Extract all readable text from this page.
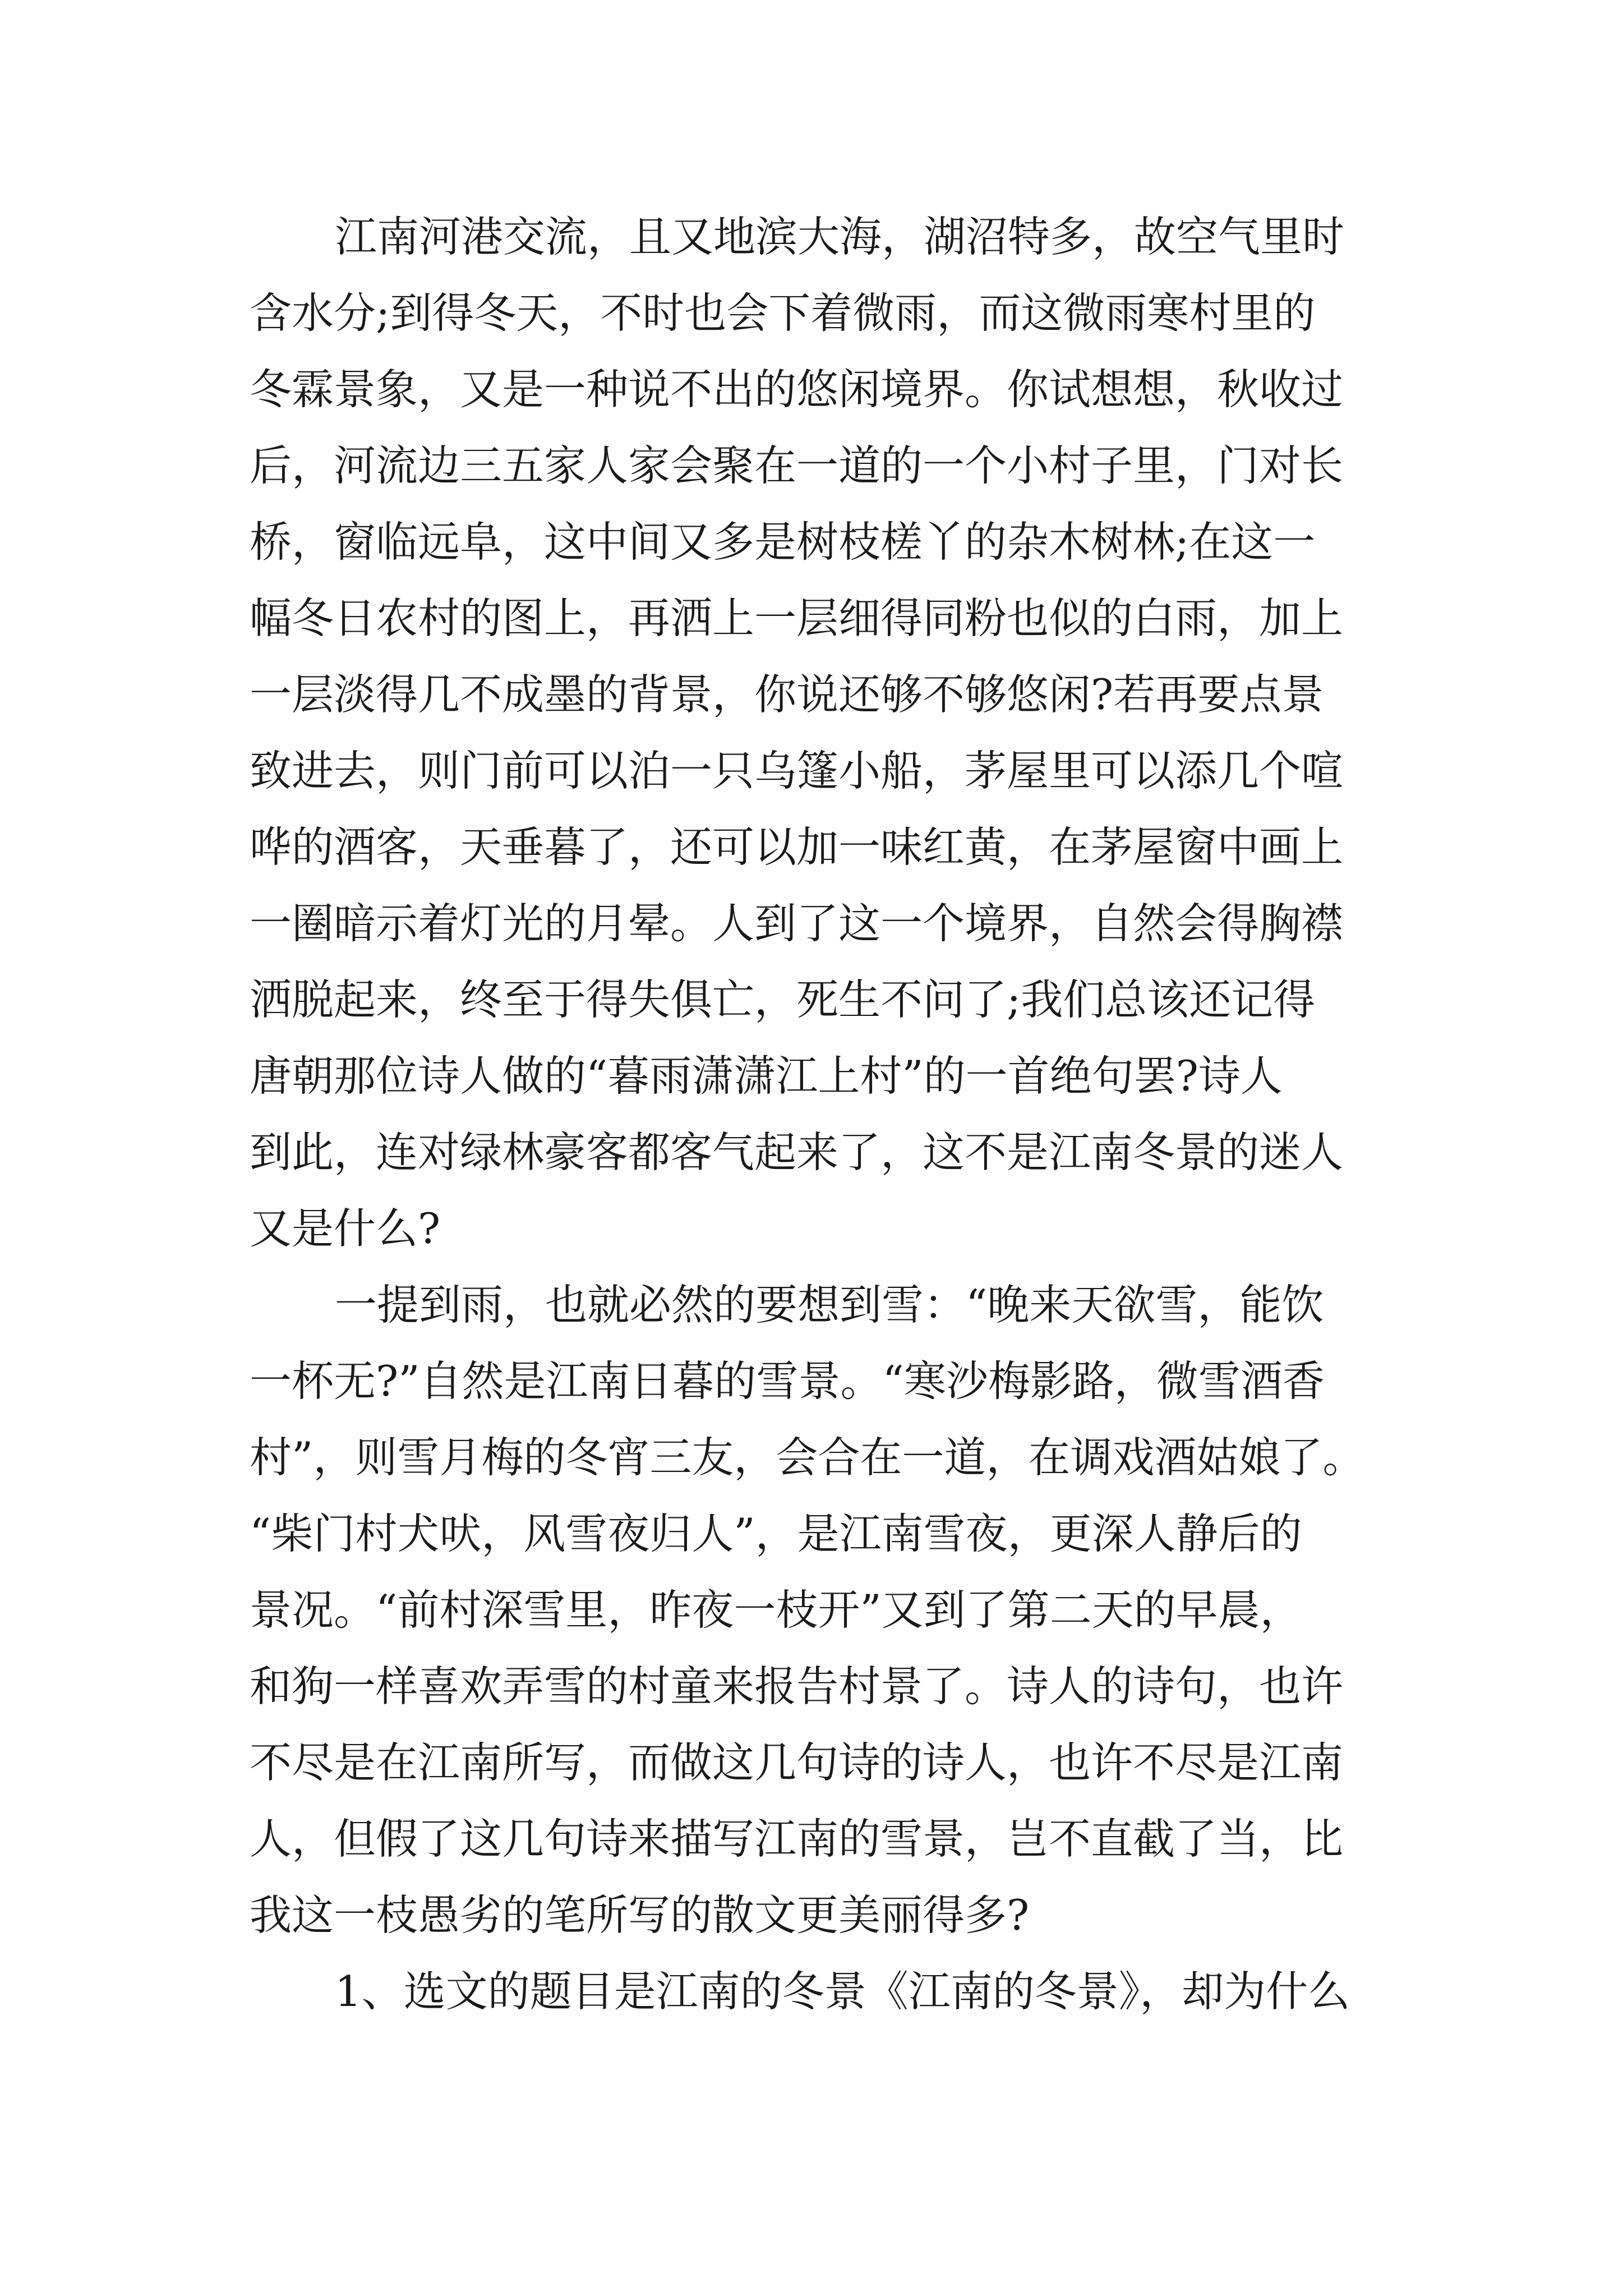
江南河港交流，且又地滨大海，湖沼特多，故空气里时

含水分;到得冬天，不时也会下着微雨，而这微雨寒村里的

冬霖景象，又是一种说不出的悠闲境界。你试想想，秋收过

后，河流边三五家人家会聚在一道的一个小村子里，门对长

桥，窗临远阜，这中间又多是树枝槎丫的杂木树林;在这一

幅冬日农村的图上，再洒上一层细得同粉也似的白雨，加上

一层淡得几不成墨的背景，你说还够不够悠闲?若再要点景

致进去，则门前可以泊一只乌篷小船，茅屋里可以添几个喧

哗的酒客，天垂暮了，还可以加一味红黄，在茅屋窗中画上

一圈暗示着灯光的月晕。人到了这一个境界，自然会得胸襟

洒脱起来，终至于得失俱亡，死生不问了;我们总该还记得

唐朝那位诗人做的“暮雨潇潇江上村”的一首绝句罢?诗人

到此，连对绿林豪客都客气起来了，这不是江南冬景的迷人

又是什么?

一提到雨，也就必然的要想到雪：“晚来天欲雪，能饮

一杯无?”自然是江南日暮的雪景。“寒沙梅影路，微雪酒香

村”，则雪月梅的冬宵三友，会合在一道，在调戏酒姑娘了。

“柴门村犬吠，风雪夜归人”，是江南雪夜，更深人静后的

景况。“前村深雪里，昨夜一枝开”又到了第二天的早晨，

和狗一样喜欢弄雪的村童来报告村景了。诗人的诗句，也许

不尽是在江南所写，而做这几句诗的诗人，也许不尽是江南

人，但假了这几句诗来描写江南的雪景，岂不直截了当，比

我这一枝愚劣的笔所写的散文更美丽得多?

1、选文的题目是江南的冬景《江南的冬景》，却为什么
